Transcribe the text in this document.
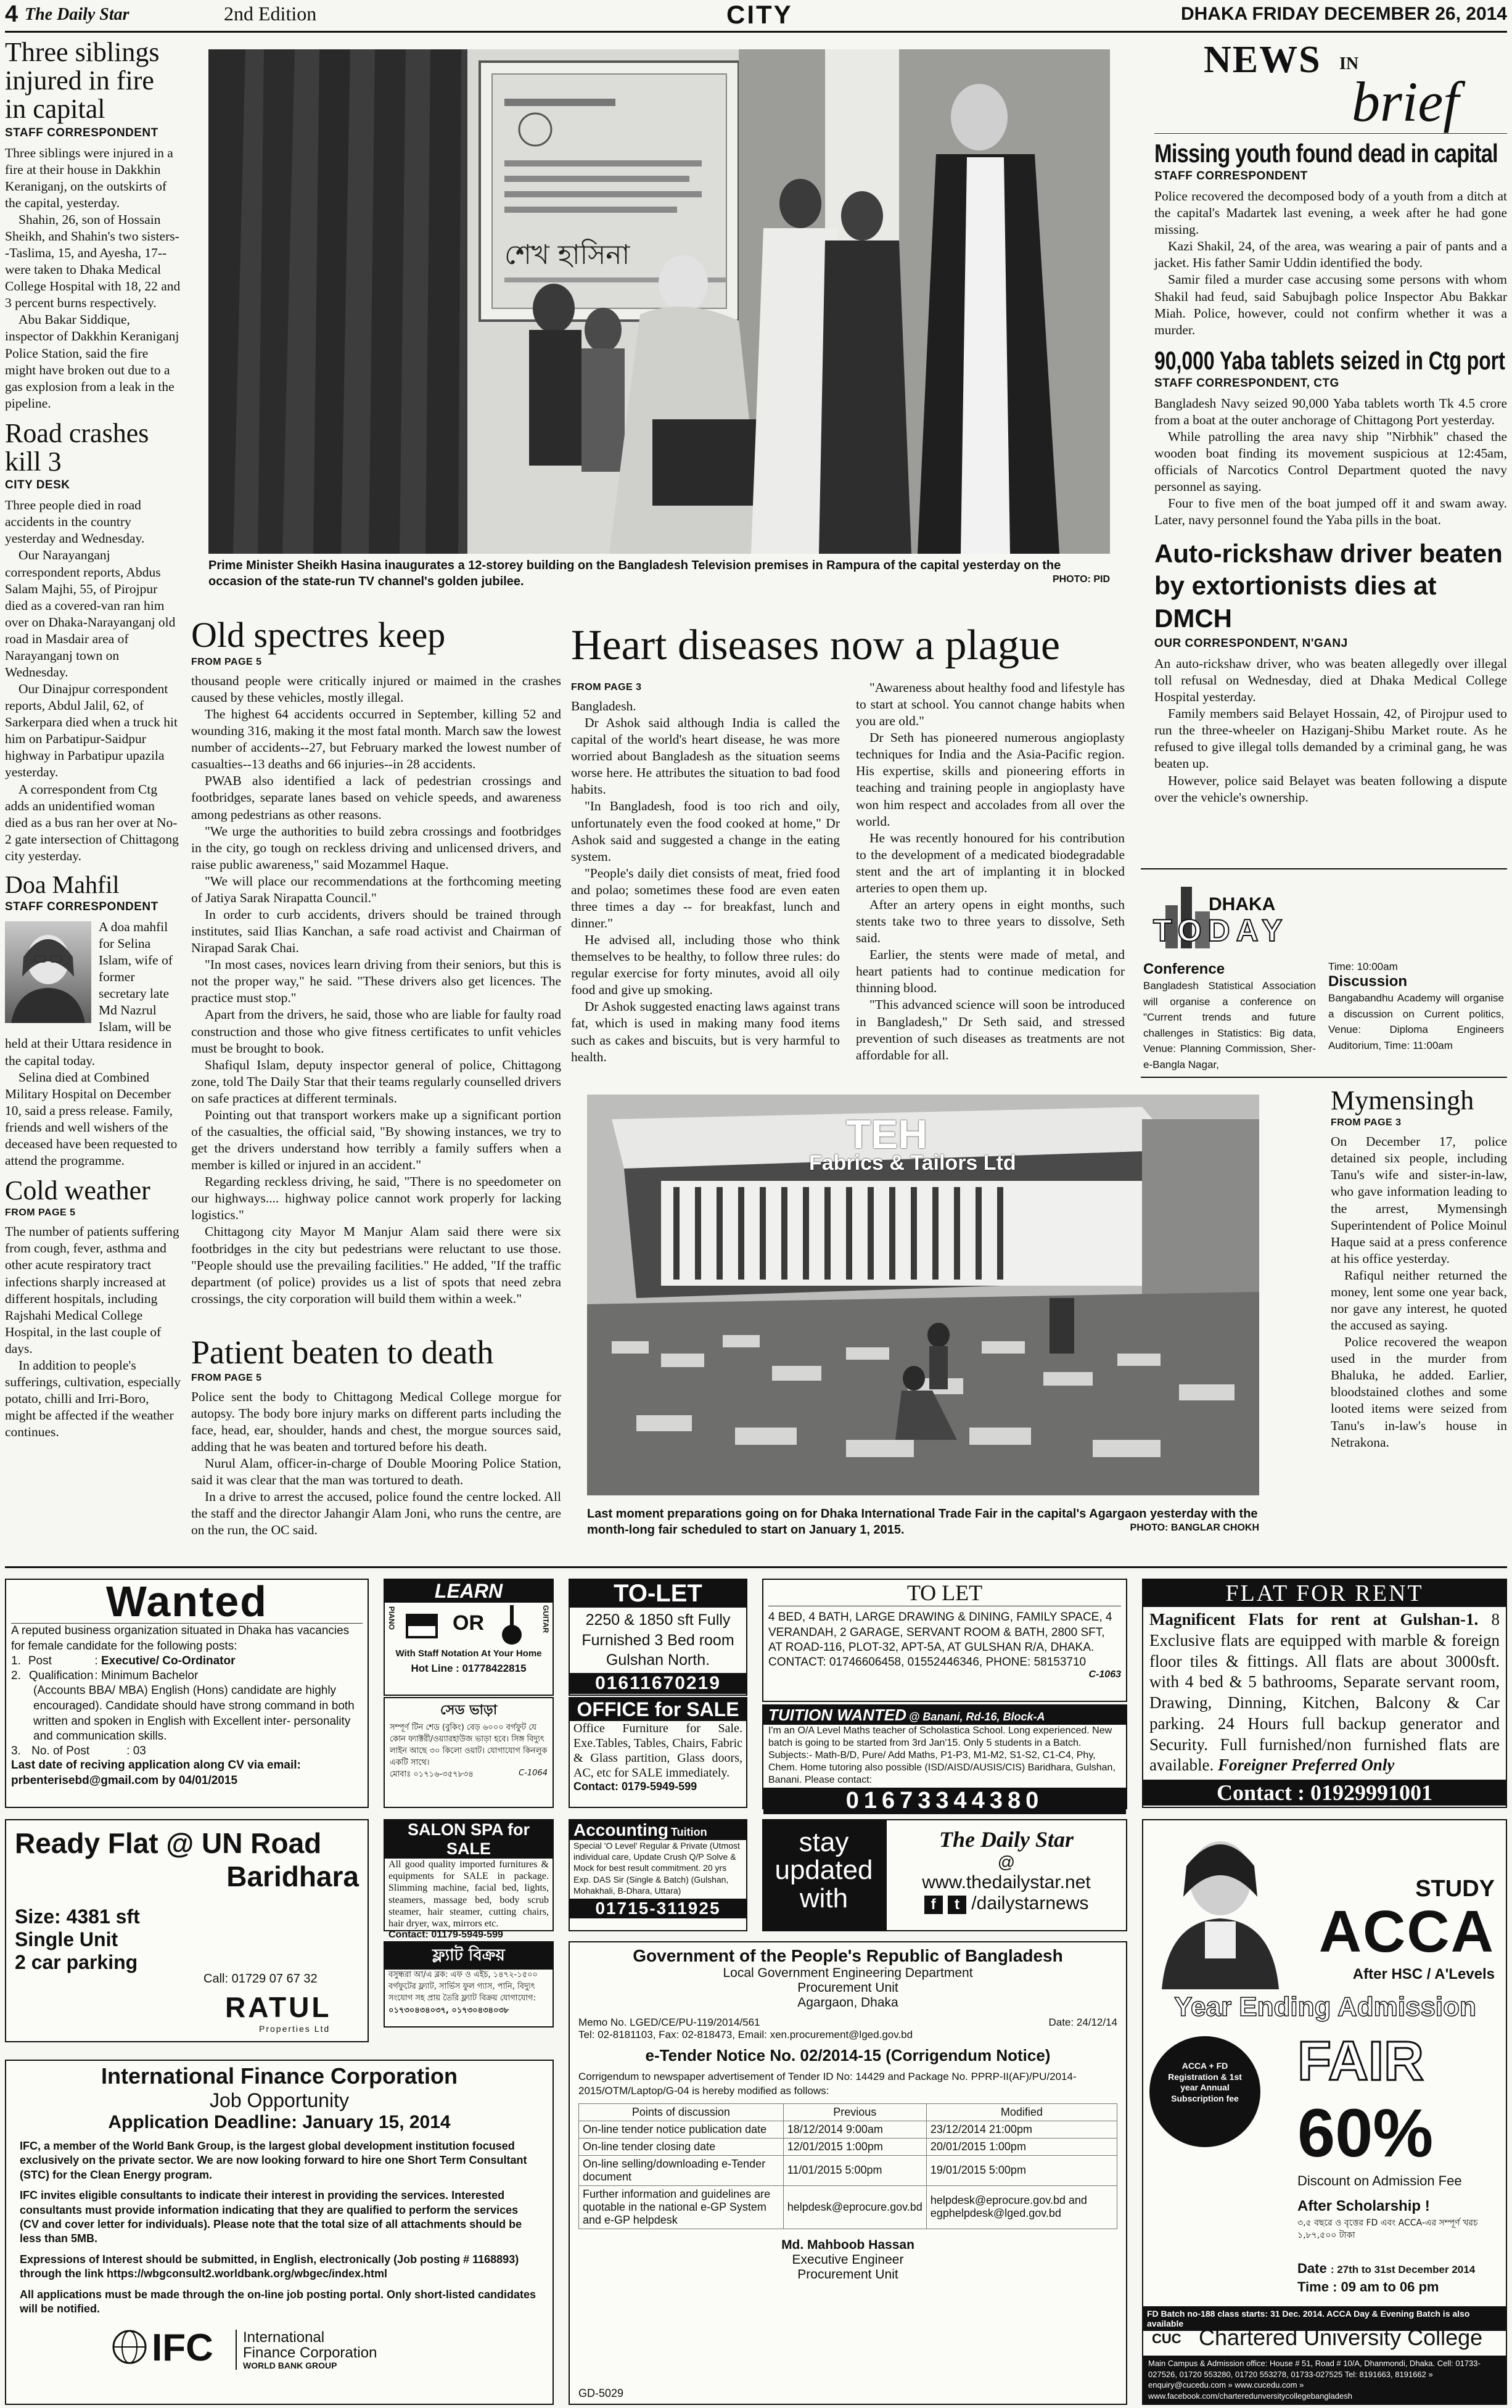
4 The Daily Star	2nd Edition	CITY	DHAKA FRIDAY DECEMBER 26, 2014
Three siblings injured in fire in capital
STAFF CORRESPONDENT

Three siblings were injured in a fire at their house in Dakkhin Keraniganj, on the outskirts of the capital, yesterday.

Shahin, 26, son of Hossain Sheikh, and Shahin's two sisters--Taslima, 15, and Ayesha, 17--were taken to Dhaka Medical College Hospital with 18, 22 and 3 percent burns respectively.

Abu Bakar Siddique, inspector of Dakkhin Keraniganj Police Station, said the fire might have broken out due to a gas explosion from a leak in the pipeline.

Road crashes kill 3
CITY DESK

Three people died in road accidents in the country yesterday and Wednesday.

Our Narayanganj correspondent reports, Abdus Salam Majhi, 55, of Pirojpur died as a covered-van ran him over on Dhaka-Narayanganj old road in Masdair area of Narayanganj town on Wednesday.

Our Dinajpur correspondent reports, Abdul Jalil, 62, of Sarkerpara died when a truck hit him on Parbatipur-Saidpur highway in Parbatipur upazila yesterday.

A correspondent from Ctg adds an unidentified woman died as a bus ran her over at No-2 gate intersection of Chittagong city yesterday.

Doa Mahfil
STAFF CORRESPONDENT

A doa mahfil for Selina Islam, wife of former secretary late Md Nazrul Islam, will be held at their Uttara residence in the capital today.

Selina died at Combined Military Hospital on December 10, said a press release. Family, friends and well wishers of the deceased have been requested to attend the programme.

Cold weather
FROM PAGE 5

The number of patients suffering from cough, fever, asthma and other acute respiratory tract infections sharply increased at different hospitals, including Rajshahi Medical College Hospital, in the last couple of days.

In addition to people's sufferings, cultivation, especially potato, chilli and Irri-Boro, might be affected if the weather continues.

শেখ হাসিনা
Prime Minister Sheikh Hasina inaugurates a 12-storey building on the Bangladesh Television premises in Rampura of the capital yesterday on the occasion of the state-run TV channel's golden jubilee.	PHOTO: PID
Old spectres keep
FROM PAGE 5

thousand people were critically injured or maimed in the crashes caused by these vehicles, mostly illegal.

The highest 64 accidents occurred in September, killing 52 and wounding 316, making it the most fatal month. March saw the lowest number of accidents--27, but February marked the lowest number of casualties--13 deaths and 66 injuries--in 28 accidents.

PWAB also identified a lack of pedestrian crossings and footbridges, separate lanes based on vehicle speeds, and awareness among pedestrians as other reasons.

"We urge the authorities to build zebra crossings and footbridges in the city, go tough on reckless driving and unlicensed drivers, and raise public awareness," said Mozammel Haque.

"We will place our recommendations at the forthcoming meeting of Jatiya Sarak Nirapatta Council."

In order to curb accidents, drivers should be trained through institutes, said Ilias Kanchan, a safe road activist and Chairman of Nirapad Sarak Chai.

"In most cases, novices learn driving from their seniors, but this is not the proper way," he said. "These drivers also get licences. The practice must stop."

Apart from the drivers, he said, those who are liable for faulty road construction and those who give fitness certificates to unfit vehicles must be brought to book.

Shafiqul Islam, deputy inspector general of police, Chittagong zone, told The Daily Star that their teams regularly counselled drivers on safe practices at different terminals.

Pointing out that transport workers make up a significant portion of the casualties, the official said, "By showing instances, we try to get the drivers understand how terribly a family suffers when a member is killed or injured in an accident."

Regarding reckless driving, he said, "There is no speedometer on our highways.... highway police cannot work properly for lacking logistics."

Chittagong city Mayor M Manjur Alam said there were six footbridges in the city but pedestrians were reluctant to use those. "People should use the prevailing facilities." He added, "If the traffic department (of police) provides us a list of spots that need zebra crossings, the city corporation will build them within a week."

Patient beaten to death
FROM PAGE 5

Police sent the body to Chittagong Medical College morgue for autopsy. The body bore injury marks on different parts including the face, head, ear, shoulder, hands and chest, the morgue sources said, adding that he was beaten and tortured before his death.

Nurul Alam, officer-in-charge of Double Mooring Police Station, said it was clear that the man was tortured to death.

In a drive to arrest the accused, police found the centre locked. All the staff and the director Jahangir Alam Joni, who runs the centre, are on the run, the OC said.

Heart diseases now a plague
FROM PAGE 3

Bangladesh.

Dr Ashok said although India is called the capital of the world's heart disease, he was more worried about Bangladesh as the situation seems worse here. He attributes the situation to bad food habits.

"In Bangladesh, food is too rich and oily, unfortunately even the food cooked at home," Dr Ashok said and suggested a change in the eating system.

"People's daily diet consists of meat, fried food and polao; sometimes these food are even eaten three times a day -- for breakfast, lunch and dinner."

He advised all, including those who think themselves to be healthy, to follow three rules: do regular exercise for forty minutes, avoid all oily food and give up smoking.

Dr Ashok suggested enacting laws against trans fat, which is used in making many food items such as cakes and biscuits, but is very harmful to health.

"Awareness about healthy food and lifestyle has to start at school. You cannot change habits when you are old."

Dr Seth has pioneered numerous angioplasty techniques for India and the Asia-Pacific region. His expertise, skills and pioneering efforts in teaching and training people in angioplasty have won him respect and accolades from all over the world.

He was recently honoured for his contribution to the development of a medicated biodegradable stent and the art of implanting it in blocked arteries to open them up.

After an artery opens in eight months, such stents take two to three years to dissolve, Seth said.

Earlier, the stents were made of metal, and heart patients had to continue medication for thinning blood.

"This advanced science will soon be introduced in Bangladesh," Dr Seth said, and stressed prevention of such diseases as treatments are not affordable for all.

TEH
Fabrics & Tailors Ltd
Last moment preparations going on for Dhaka International Trade Fair in the capital's Agargaon yesterday with the month-long fair scheduled to start on January 1, 2015.	PHOTO: BANGLAR CHOKH
NEWS IN
brief
Missing youth found dead in capital
STAFF CORRESPONDENT

Police recovered the decomposed body of a youth from a ditch at the capital's Madartek last evening, a week after he had gone missing.

Kazi Shakil, 24, of the area, was wearing a pair of pants and a jacket. His father Samir Uddin identified the body.

Samir filed a murder case accusing some persons with whom Shakil had feud, said Sabujbagh police Inspector Abu Bakkar Miah. Police, however, could not confirm whether it was a murder.

90,000 Yaba tablets seized in Ctg port
STAFF CORRESPONDENT, CTG

Bangladesh Navy seized 90,000 Yaba tablets worth Tk 4.5 crore from a boat at the outer anchorage of Chittagong Port yesterday.

While patrolling the area navy ship "Nirbhik" chased the wooden boat finding its movement suspicious at 12:45am, officials of Narcotics Control Department quoted the navy personnel as saying.

Four to five men of the boat jumped off it and swam away. Later, navy personnel found the Yaba pills in the boat.

Auto-rickshaw driver beaten by extortionists dies at DMCH
OUR CORRESPONDENT, N'GANJ

An auto-rickshaw driver, who was beaten allegedly over illegal toll refusal on Wednesday, died at Dhaka Medical College Hospital yesterday.

Family members said Belayet Hossain, 42, of Pirojpur used to run the three-wheeler on Haziganj-Shibu Market route. As he refused to give illegal tolls demanded by a criminal gang, he was beaten up.

However, police said Belayet was beaten following a dispute over the vehicle's ownership.

DHAKA
TODAY
Conference
Bangladesh Statistical Association will organise a conference on "Current trends and future challenges in Statistics: Big data, Venue: Planning Commission, Sher-e-Bangla Nagar,
Time: 10:00am
Discussion
Bangabandhu Academy will organise a discussion on Current politics, Venue: Diploma Engineers Auditorium, Time: 11:00am
Mymensingh
FROM PAGE 3

On December 17, police detained six people, including Tanu's wife and sister-in-law, who gave information leading to the arrest, Mymensingh Superintendent of Police Moinul Haque said at a press conference at his office yesterday.

Rafiqul neither returned the money, lent some one year back, nor gave any interest, he quoted the accused as saying.

Police recovered the weapon used in the murder from Bhaluka, he added. Earlier, bloodstained clothes and some looted items were seized from Tanu's in-law's house in Netrakona.

Wanted
A reputed business organization situated in Dhaka has vacancies for female candidate for the following posts:
1.	Post	: Executive/ Co-Ordinator
2.	Qualification	: Minimum Bachelor
(Accounts BBA/ MBA) English (Hons) candidate are highly encouraged). Candidate should have strong command in both written and spoken in English with Excellent inter- personality and communication skills.
3. No. of Post	: 03
Last date of reciving application along CV via email: prbenterisebd@gmail.com by 04/01/2015
LEARN
PIANO	OR	GUITAR
With Staff Notation At Your Home
Hot Line : 01778422815
সেড ভাড়া
সম্পূর্ণ টিন শেড (বুকিং) বেড় ৬০০০ বর্গফুট যে কোন ফ্যাক্টরী/ওয়্যারহাউজ ভাড়া হবে। সিঙ্গ বিদ্যুৎ লাইন আছে ৩০ কিলো ওয়াট। যোগাযোগ কিনলুক একটি সাথে।
মোবাঃ ০১৭১৬-৩৫৭৮৩৪	C-1064
SALON SPA for SALE
All good quality imported furnitures & equipments for SALE in package. Slimming machine, facial bed, lights, steamers, massage bed, body scrub steamer, hair steamer, cutting chairs, hair dryer, wax, mirrors etc.
Contact: 01179-5949-599
ফ্ল্যাট বিক্রয়
বসুন্ধরা আ/এ ব্লক: এফ ও এইচ, ১৪৭২-১৫০০ বর্গফুটের ফ্ল্যাট, সার্ভিস ফুল গ্যাস, পানি, বিদ্যুৎ সংযোগ সহ প্রায় তৈরি ফ্ল্যাট বিক্রয় যোগাযোগ:
০১৭৩০৪৩৪০৩৭, ০১৭৩০৪৩৪০৩৮
TO-LET
2250 & 1850 sft Fully Furnished 3 Bed room Gulshan North.
01611670219
OFFICE for SALE
Office Furniture for Sale. Exe.Tables, Tables, Chairs, Fabric & Glass partition, Glass doors, AC, etc for SALE immediately.
Contact: 0179-5949-599
Accounting Tuition
Special 'O Level' Regular & Private (Utmost individual care, Update Crush Q/P Solve & Mock for best result commitment. 20 yrs Exp. DAS Sir (Single & Batch) (Gulshan, Mohakhali, B-Dhara, Uttara)
01715-311925
TO LET
4 BED, 4 BATH, LARGE DRAWING & DINING, FAMILY SPACE, 4 VERANDAH, 2 GARAGE, SERVANT ROOM & BATH, 2800 SFT, AT ROAD-116, PLOT-32, APT-5A, AT GULSHAN R/A, DHAKA.
CONTACT: 01746606458, 01552446346, PHONE: 58153710
C-1063
TUITION WANTED @ Banani, Rd-16, Block-A
I'm an O/A Level Maths teacher of Scholastica School. Long experienced. New batch is going to be started from 3rd Jan'15. Only 5 students in a Batch. Subjects:- Math-B/D, Pure/ Add Maths, P1-P3, M1-M2, S1-S2, C1-C4, Phy, Chem. Home tutoring also possible (ISD/AISD/AUSIS/CIS) Baridhara, Gulshan, Banani. Please contact:
01673344380
stay
updated
with
The Daily Star
@
www.thedailystar.net
f t /dailystarnews
FLAT FOR RENT
Magnificent Flats for rent at Gulshan-1. 8 Exclusive flats are equipped with marble & foreign floor tiles & fittings. All flats are about 3000sft. with 4 bed & 5 bathrooms, Separate servant room, Drawing, Dinning, Kitchen, Balcony & Car parking. 24 Hours full backup generator and Security. Full furnished/non furnished flats are available. Foreigner Preferred Only
Contact : 01929991001
Ready Flat @ UN Road
Baridhara
Size: 4381 sft
Single Unit
2 car parking
Call: 01729 07 67 32
RATUL
Properties Ltd
International Finance Corporation
Job Opportunity
Application Deadline: January 15, 2014
IFC, a member of the World Bank Group, is the largest global development institution focused exclusively on the private sector. We are now looking forward to hire one Short Term Consultant (STC) for the Clean Energy program.
IFC invites eligible consultants to indicate their interest in providing the services. Interested consultants must provide information indicating that they are qualified to perform the services (CV and cover letter for individuals). Please note that the total size of all attachments should be less than 5MB.
Expressions of Interest should be submitted, in English, electronically (Job posting # 1168893) through the link https://wbgconsult2.worldbank.org/wbgec/index.html
All applications must be made through the on-line job posting portal. Only short-listed candidates will be notified.
IFC International
Finance Corporation
WORLD BANK GROUP
Government of the People's Republic of Bangladesh
Local Government Engineering Department
Procurement Unit
Agargaon, Dhaka
Memo No. LGED/CE/PU-119/2014/561	Date: 24/12/14
Tel: 02-8181103, Fax: 02-818473, Email: xen.procurement@lged.gov.bd
e-Tender Notice No. 02/2014-15 (Corrigendum Notice)
Corrigendum to newspaper advertisement of Tender ID No: 14429 and Package No. PPRP-II(AF)/PU/2014-2015/OTM/Laptop/G-04 is hereby modified as follows:
Points of discussion	Previous	Modified
On-line tender notice publication date	18/12/2014 9:00am	23/12/2014 21:00pm
On-line tender closing date	12/01/2015 1:00pm	20/01/2015 1:00pm
On-line selling/downloading e-Tender document	11/01/2015 5:00pm	19/01/2015 5:00pm
Further information and guidelines are quotable in the national e-GP System and e-GP helpdesk	helpdesk@eprocure.gov.bd	helpdesk@eprocure.gov.bd and egphelpdesk@lged.gov.bd
Md. Mahboob Hassan
Executive Engineer
Procurement Unit
GD-5029
STUDY
ACCA
After HSC / A'Levels
Year Ending Admission
ACCA + FD Registration & 1st year Annual Subscription fee
FAIR
60%
Discount on Admission Fee
After Scholarship !
৩,৫ বছরে ও বৃত্তের FD এবং ACCA-এর সম্পূর্ণ খরচ ১,৮৭,৫০০ টাকা
Date : 27th to 31st December 2014
Time : 09 am to 06 pm
FD Batch no-188 class starts: 31 Dec. 2014. ACCA Day & Evening Batch is also available
CUC Chartered University College
Main Campus & Admission office: House # 51, Road # 10/A, Dhanmondi, Dhaka. Cell: 01733-027526, 01720 553280, 01720 553278, 01733-027525 Tel: 8191663, 8191662 » enquiry@cucedu.com » www.cucedu.com » www.facebook.com/charteredunversitycollegebangladesh
